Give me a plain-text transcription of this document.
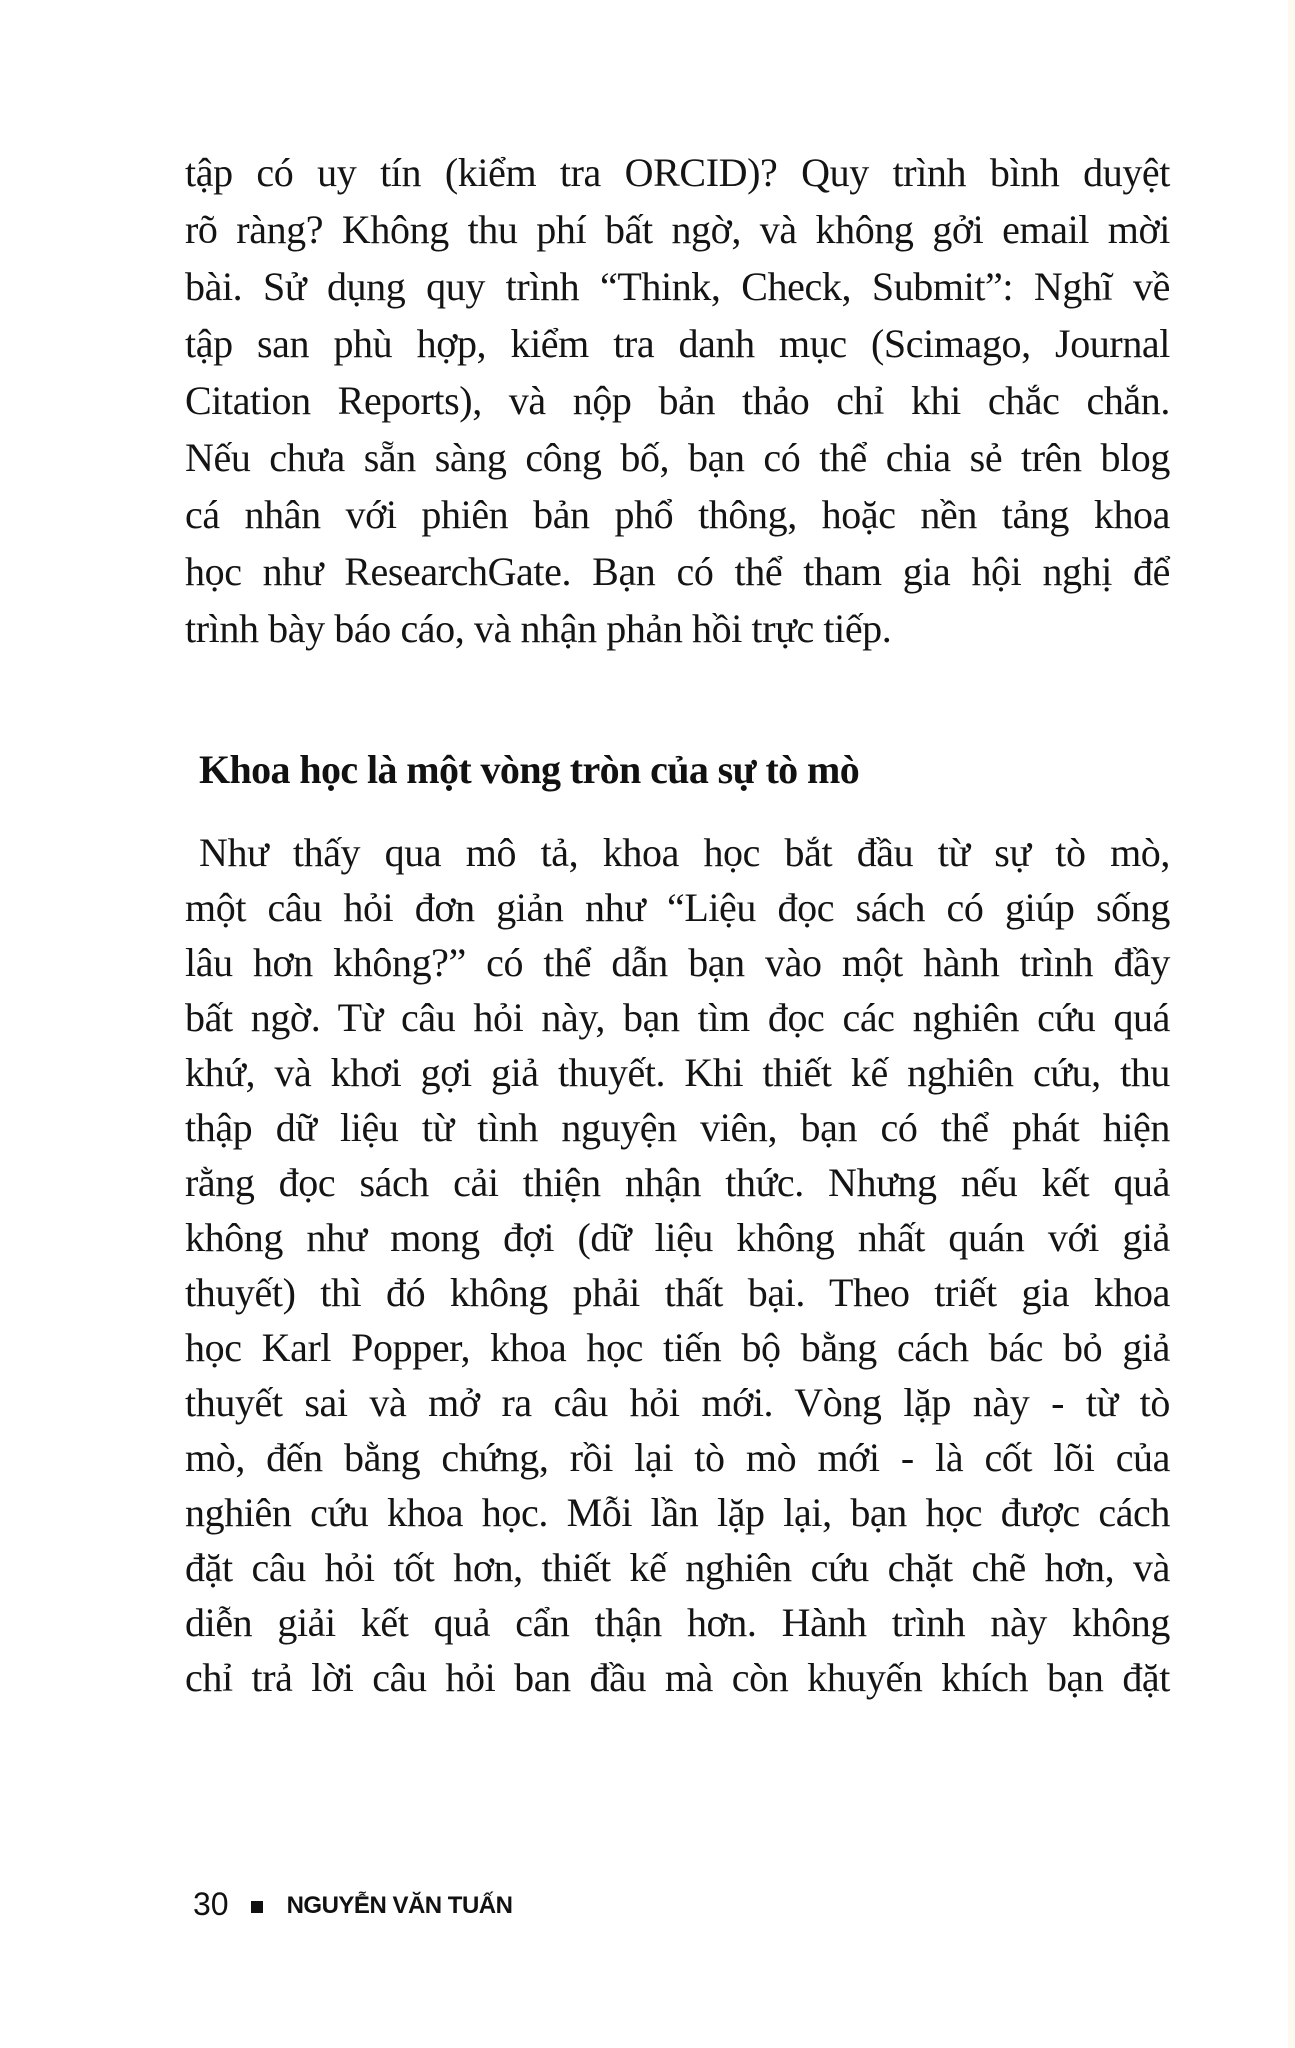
tập có uy tín (kiểm tra ORCID)? Quy trình bình duyệt
rõ ràng? Không thu phí bất ngờ, và không gởi email mời
bài. Sử dụng quy trình “Think, Check, Submit”: Nghĩ về
tập san phù hợp, kiểm tra danh mục (Scimago, Journal
Citation Reports), và nộp bản thảo chỉ khi chắc chắn.
Nếu chưa sẵn sàng công bố, bạn có thể chia sẻ trên blog
cá nhân với phiên bản phổ thông, hoặc nền tảng khoa
học như ResearchGate. Bạn có thể tham gia hội nghị để
trình bày báo cáo, và nhận phản hồi trực tiếp.
Khoa học là một vòng tròn của sự tò mò
Như thấy qua mô tả, khoa học bắt đầu từ sự tò mò,
một câu hỏi đơn giản như “Liệu đọc sách có giúp sống
lâu hơn không?” có thể dẫn bạn vào một hành trình đầy
bất ngờ. Từ câu hỏi này, bạn tìm đọc các nghiên cứu quá
khứ, và khơi gợi giả thuyết. Khi thiết kế nghiên cứu, thu
thập dữ liệu từ tình nguyện viên, bạn có thể phát hiện
rằng đọc sách cải thiện nhận thức. Nhưng nếu kết quả
không như mong đợi (dữ liệu không nhất quán với giả
thuyết) thì đó không phải thất bại. Theo triết gia khoa
học Karl Popper, khoa học tiến bộ bằng cách bác bỏ giả
thuyết sai và mở ra câu hỏi mới. Vòng lặp này - từ tò
mò, đến bằng chứng, rồi lại tò mò mới - là cốt lõi của
nghiên cứu khoa học. Mỗi lần lặp lại, bạn học được cách
đặt câu hỏi tốt hơn, thiết kế nghiên cứu chặt chẽ hơn, và
diễn giải kết quả cẩn thận hơn. Hành trình này không
chỉ trả lời câu hỏi ban đầu mà còn khuyến khích bạn đặt
30 NGUYỄN VĂN TUẤN
